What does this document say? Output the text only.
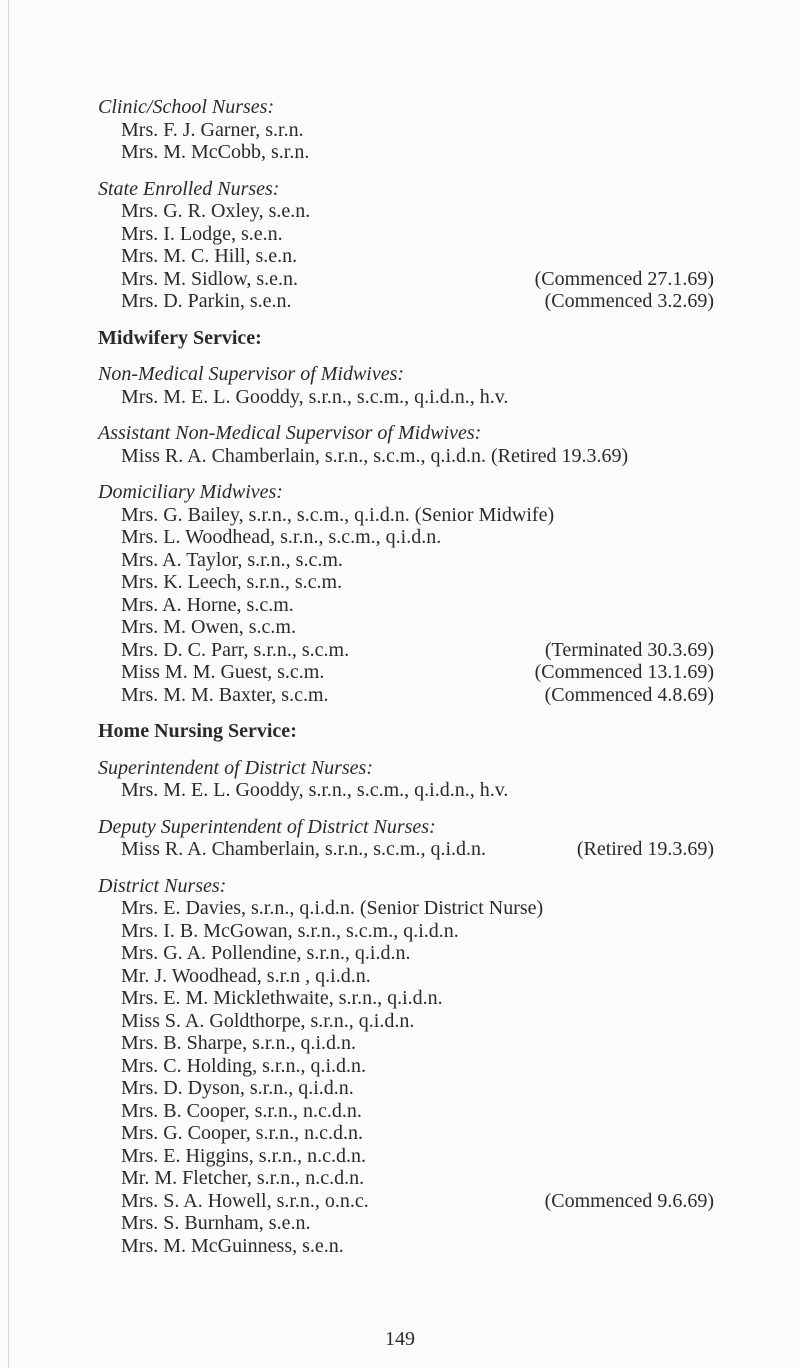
Clinic/School Nurses:
Mrs. F. J. Garner, s.r.n.
Mrs. M. McCobb, s.r.n.
State Enrolled Nurses:
Mrs. G. R. Oxley, s.e.n.
Mrs. I. Lodge, s.e.n.
Mrs. M. C. Hill, s.e.n.
Mrs. M. Sidlow, s.e.n.	(Commenced 27.1.69)
Mrs. D. Parkin, s.e.n.	(Commenced 3.2.69)
Midwifery Service:
Non-Medical Supervisor of Midwives:
Mrs. M. E. L. Gooddy, s.r.n., s.c.m., q.i.d.n., h.v.
Assistant Non-Medical Supervisor of Midwives:
Miss R. A. Chamberlain, s.r.n., s.c.m., q.i.d.n. (Retired 19.3.69)
Domiciliary Midwives:
Mrs. G. Bailey, s.r.n., s.c.m., q.i.d.n. (Senior Midwife)
Mrs. L. Woodhead, s.r.n., s.c.m., q.i.d.n.
Mrs. A. Taylor, s.r.n., s.c.m.
Mrs. K. Leech, s.r.n., s.c.m.
Mrs. A. Horne, s.c.m.
Mrs. M. Owen, s.c.m.
Mrs. D. C. Parr, s.r.n., s.c.m.	(Terminated 30.3.69)
Miss M. M. Guest, s.c.m.	(Commenced 13.1.69)
Mrs. M. M. Baxter, s.c.m.	(Commenced 4.8.69)
Home Nursing Service:
Superintendent of District Nurses:
Mrs. M. E. L. Gooddy, s.r.n., s.c.m., q.i.d.n., h.v.
Deputy Superintendent of District Nurses:
Miss R. A. Chamberlain, s.r.n., s.c.m., q.i.d.n.	(Retired 19.3.69)
District Nurses:
Mrs. E. Davies, s.r.n., q.i.d.n. (Senior District Nurse)
Mrs. I. B. McGowan, s.r.n., s.c.m., q.i.d.n.
Mrs. G. A. Pollendine, s.r.n., q.i.d.n.
Mr. J. Woodhead, s.r.n , q.i.d.n.
Mrs. E. M. Micklethwaite, s.r.n., q.i.d.n.
Miss S. A. Goldthorpe, s.r.n., q.i.d.n.
Mrs. B. Sharpe, s.r.n., q.i.d.n.
Mrs. C. Holding, s.r.n., q.i.d.n.
Mrs. D. Dyson, s.r.n., q.i.d.n.
Mrs. B. Cooper, s.r.n., n.c.d.n.
Mrs. G. Cooper, s.r.n., n.c.d.n.
Mrs. E. Higgins, s.r.n., n.c.d.n.
Mr. M. Fletcher, s.r.n., n.c.d.n.
Mrs. S. A. Howell, s.r.n., o.n.c.	(Commenced 9.6.69)
Mrs. S. Burnham, s.e.n.
Mrs. M. McGuinness, s.e.n.
149
